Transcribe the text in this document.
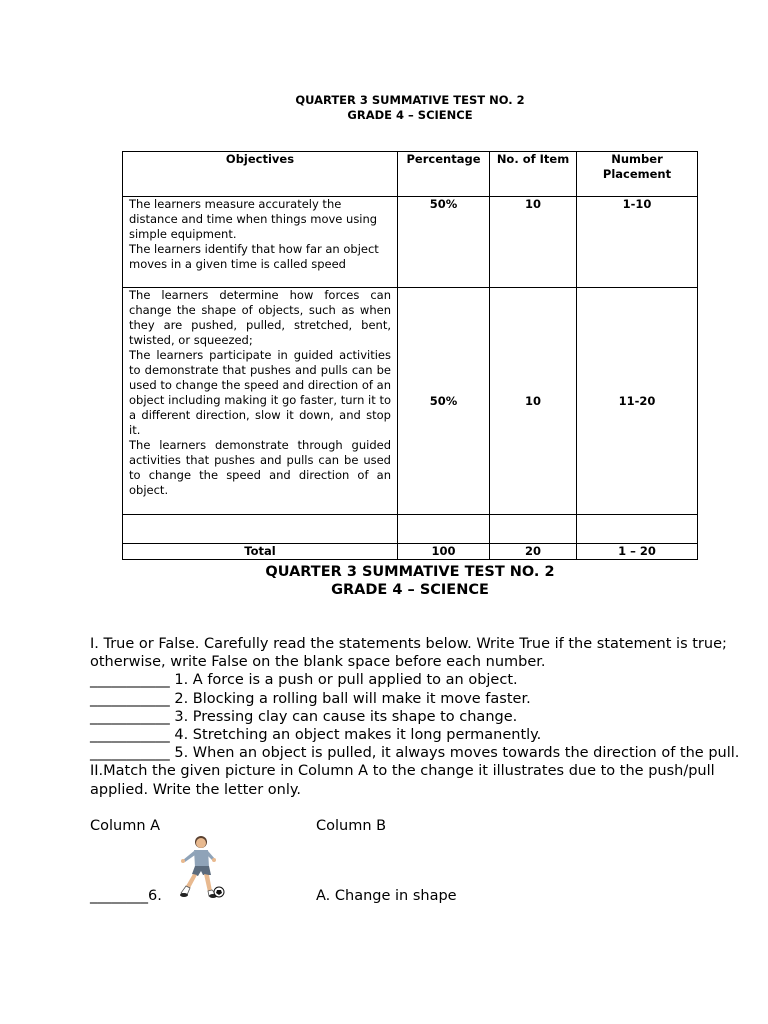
QUARTER 3 SUMMATIVE TEST NO. 2
GRADE 4 – SCIENCE
Objectives	Percentage	No. of Item	Number Placement

The learners measure accurately the distance and time when things move using simple equipment.

The learners identify that how far an object moves in a given time is called speed	50%	10	1-10

The learners determine how forces can change the shape of objects, such as when they are pushed, pulled, stretched, bent, twisted, or squeezed;

The learners participate in guided activities to demonstrate that pushes and pulls can be used to change the speed and direction of an object including making it go faster, turn it to a different direction, slow it down, and stop it.

The learners demonstrate through guided activities that pushes and pulls can be used to change the speed and direction of an object.	50%	10	11-20

Total	100	20	1 – 20
QUARTER 3 SUMMATIVE TEST NO. 2
GRADE 4 – SCIENCE
I. True or False. Carefully read the statements below. Write True if the statement is true; otherwise, write False on the blank space before each number.
___________ 1. A force is a push or pull applied to an object.
___________ 2. Blocking a rolling ball will make it move faster.
___________ 3. Pressing clay can cause its shape to change.
___________ 4. Stretching an object makes it long permanently.
___________ 5. When an object is pulled, it always moves towards the direction of the pull.
II.Match the given picture in Column A to the change it illustrates due to the push/pull applied. Write the letter only.
Column A	Column B
________6.	A. Change in shape
